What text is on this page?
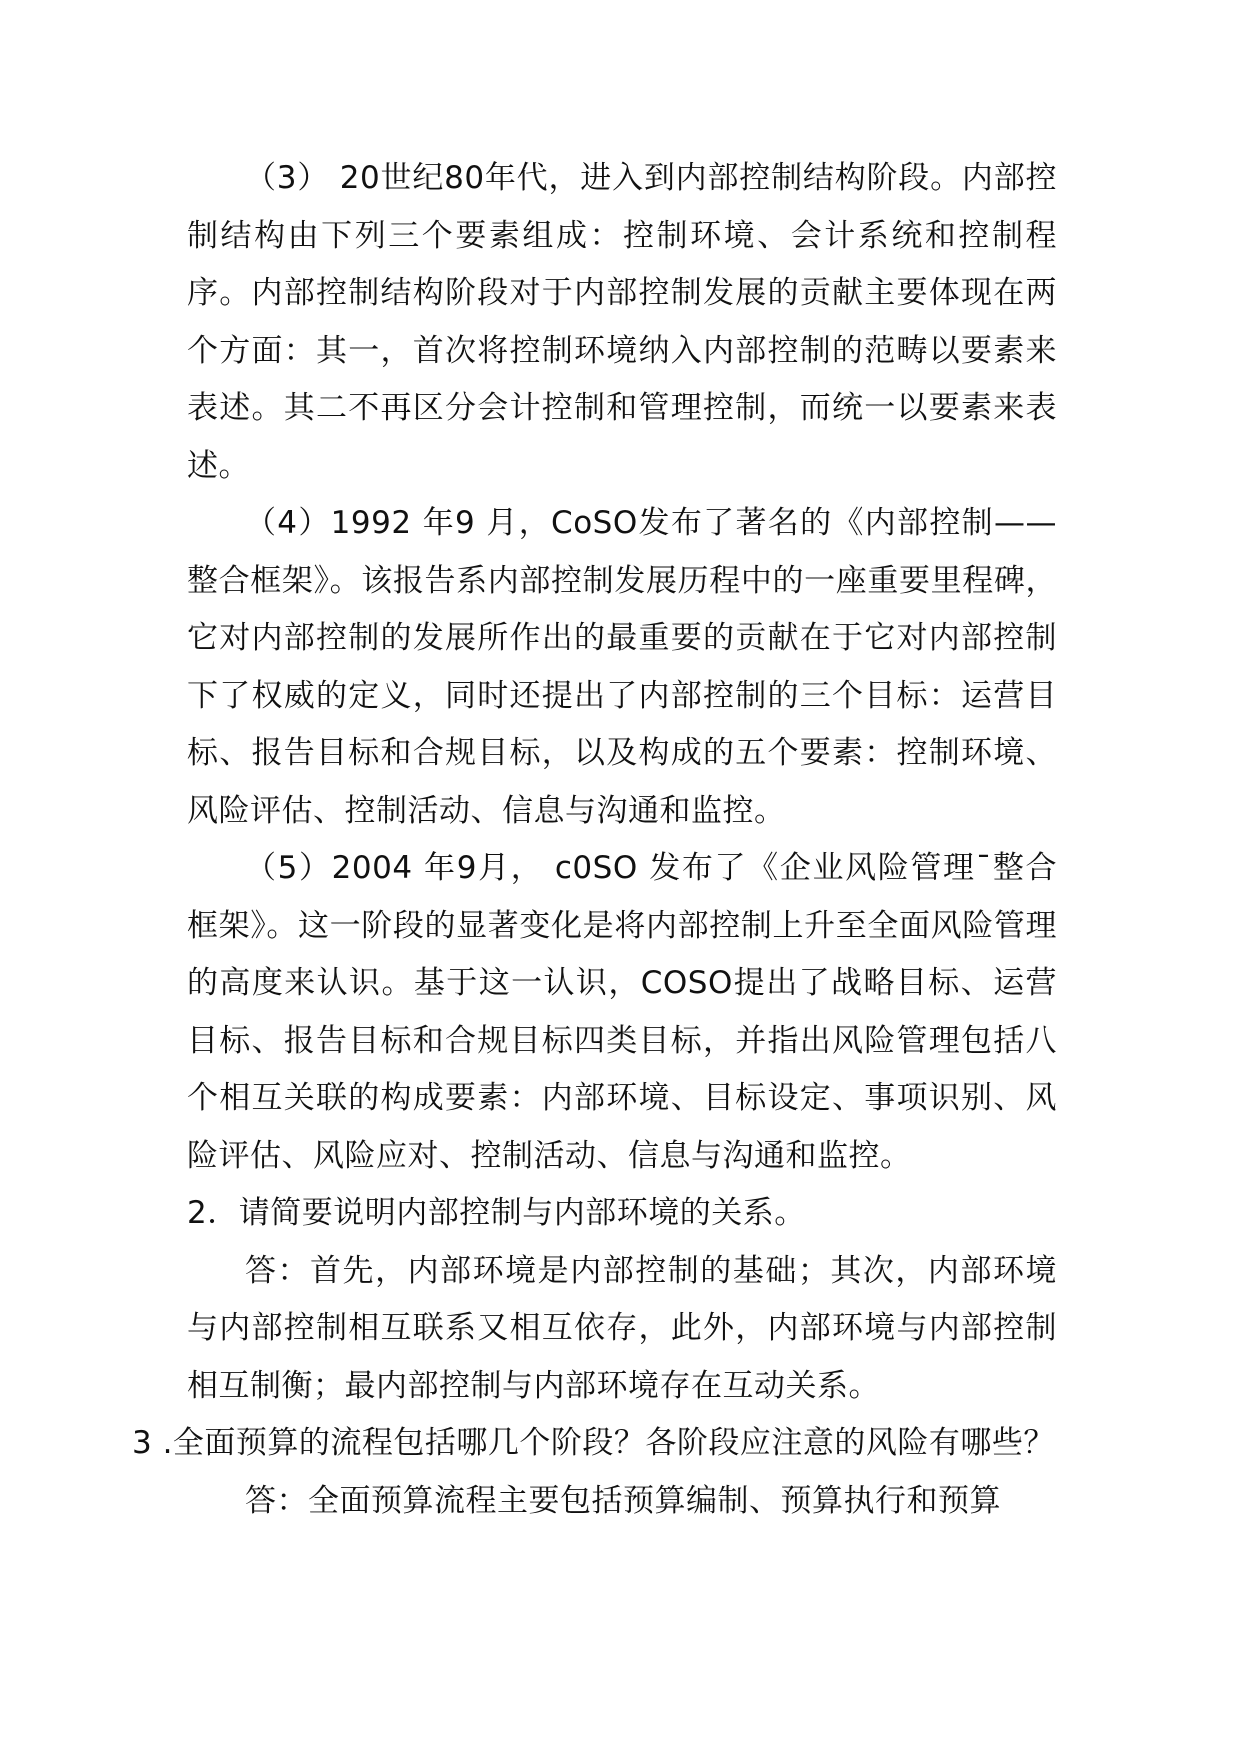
（3） 20世纪80年代，进入到内部控制结构阶段。内部控制结构由下列三个要素组成：控制环境、会计系统和控制程序。内部控制结构阶段对于内部控制发展的贡献主要体现在两个方面：其一，首次将控制环境纳入内部控制的范畴以要素来表述。其二不再区分会计控制和管理控制，而统一以要素来表述。

（4）1992 年9 月，CoSO发布了著名的《内部控制——整合框架》。该报告系内部控制发展历程中的一座重要里程碑，它对内部控制的发展所作出的最重要的贡献在于它对内部控制下了权威的定义，同时还提出了内部控制的三个目标：运营目标、报告目标和合规目标，以及构成的五个要素：控制环境、风险评估、控制活动、信息与沟通和监控。

（5）2004 年9月， c0SO 发布了《企业风险管理¯整合框架》。这一阶段的显著变化是将内部控制上升至全面风险管理的高度来认识。基于这一认识，COSO提出了战略目标、运营目标、报告目标和合规目标四类目标，并指出风险管理包括八个相互关联的构成要素：内部环境、目标设定、事项识别、风险评估、风险应对、控制活动、信息与沟通和监控。

2．请简要说明内部控制与内部环境的关系。

答：首先，内部环境是内部控制的基础；其次，内部环境与内部控制相互联系又相互依存，此外，内部环境与内部控制相互制衡；最内部控制与内部环境存在互动关系。

3 .全面预算的流程包括哪几个阶段？各阶段应注意的风险有哪些？

答：全面预算流程主要包括预算编制、预算执行和预算
